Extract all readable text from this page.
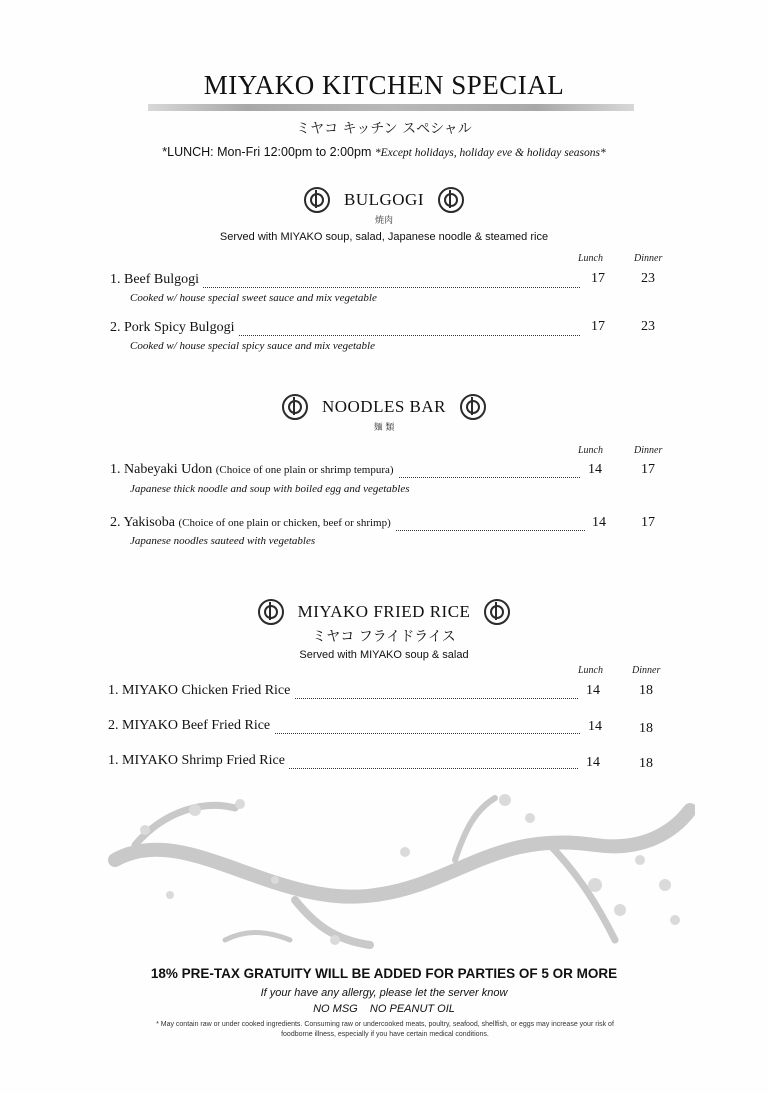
MIYAKO KITCHEN SPECIAL
ミヤコ キッチン スペシャル
*LUNCH: Mon-Fri 12:00pm to 2:00pm *Except holidays, holiday eve & holiday seasons*
BULGOGI
焼肉
Served with MIYAKO soup, salad, Japanese noodle & steamed rice
Lunch	Dinner
1. Beef Bulgogi	17	23
Cooked w/ house special sweet sauce and mix vegetable
2. Pork Spicy Bulgogi	17	23
Cooked w/ house special spicy sauce and mix vegetable
NOODLES BAR
麺 類
Lunch	Dinner
1. Nabeyaki Udon (Choice of one plain or shrimp tempura)	14	17
Japanese thick noodle and soup with boiled egg and vegetables
2. Yakisoba (Choice of one plain or chicken, beef or shrimp)	14	17
Japanese noodles sauteed with vegetables
MIYAKO FRIED RICE
ミヤコ フライドライス
Served with MIYAKO soup & salad
Lunch	Dinner
1. MIYAKO Chicken Fried Rice	14	18
2. MIYAKO Beef Fried Rice	14	18
1. MIYAKO Shrimp Fried Rice	14	18
18% PRE-TAX GRATUITY WILL BE ADDED FOR PARTIES OF 5 OR MORE
If your have any allergy, please let the server know
NO MSG    NO PEANUT OIL
* May contain raw or under cooked ingredients. Consuming raw or undercooked meats, poultry, seafood, shellfish, or eggs may increase your risk of foodborne illness, especially if you have certain medical conditions.
